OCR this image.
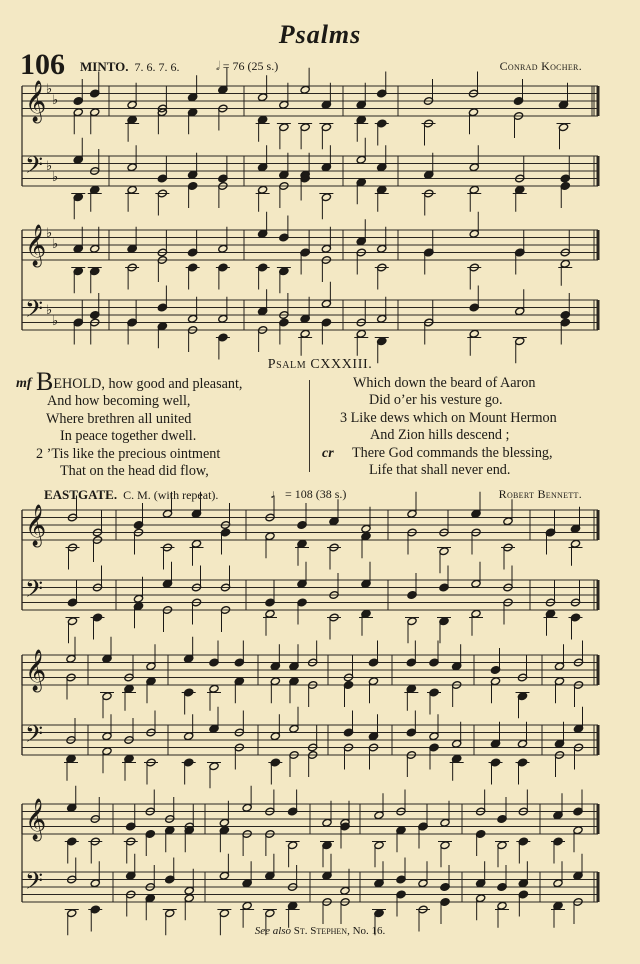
Psalms
106 MINTO. 7. 6. 7. 6.	𝅗𝅥 = 76 (25 s.)	Conrad Kocher.
𝄞 ♭
♭
𝄢 ♭
♭
𝄞 ♭
♭
𝄢 ♭
♭
Psalm CXXXIII.
mf BEHOLD, how good and pleasant,
And how becoming well,
Where brethren all united
In peace together dwell.
2 ’Tis like the precious ointment
That on the head did flow,
Which down the beard of Aaron
Did o’er his vesture go.
3 Like dews which on Mount Hermon
And Zion hills descend ;
cr There God commands the blessing,
Life that shall never end.
EASTGATE. C. M. (with repeat).	♩ = 108 (38 s.)	Robert Bennett.
𝄞
𝄢
𝄞
𝄢
𝄞
𝄢
See also St. Stephen, No. 16.
